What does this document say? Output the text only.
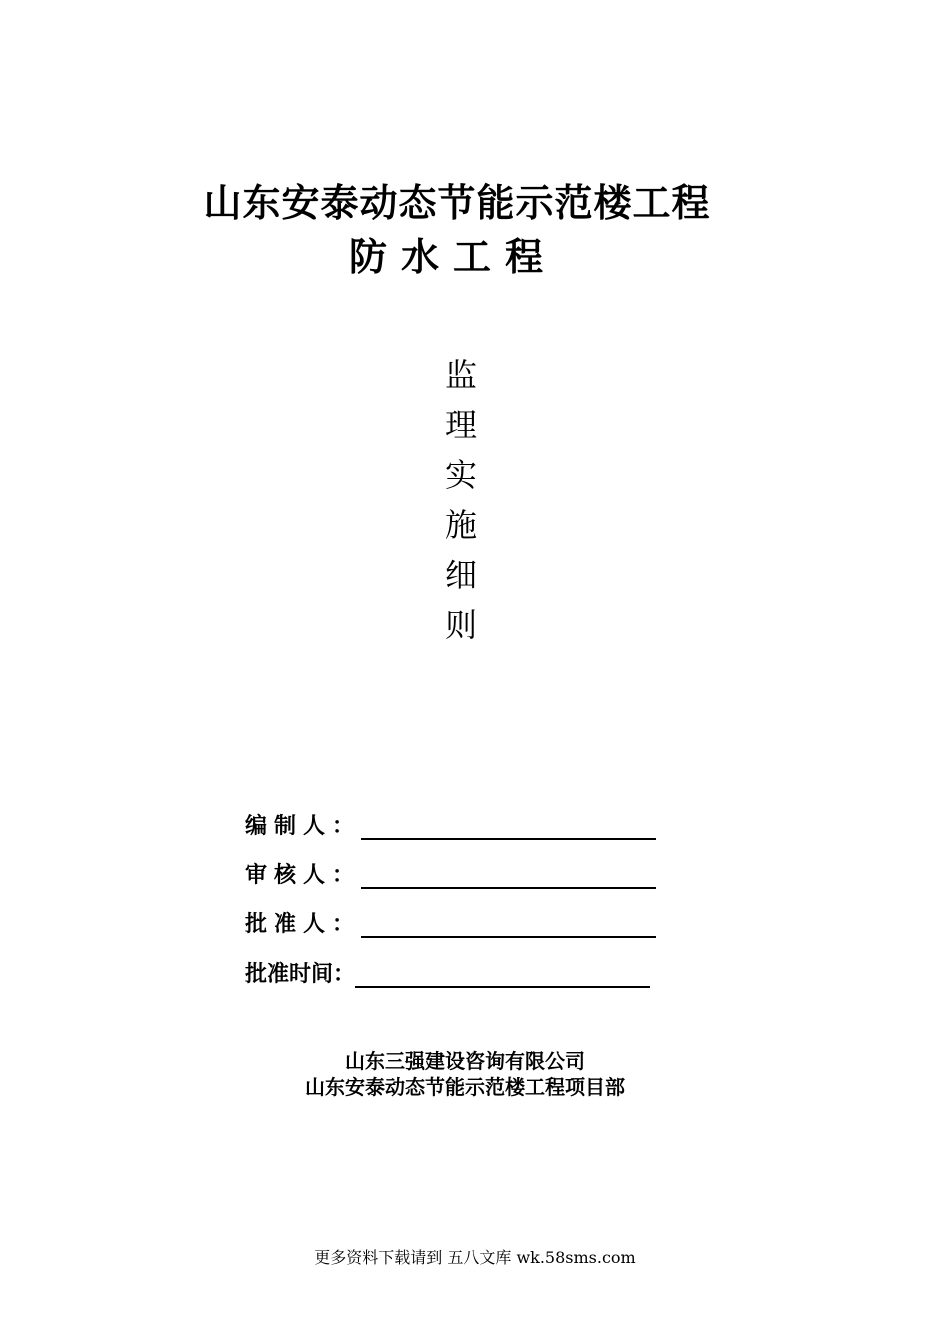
山东安泰动态节能示范楼工程
防水工程
监
理
实
施
细
则
编制人：
审核人：
批准人：
批准时间：
山东三强建设咨询有限公司
山东安泰动态节能示范楼工程项目部
更多资料下载请到 五八文库 wk.58sms.com
